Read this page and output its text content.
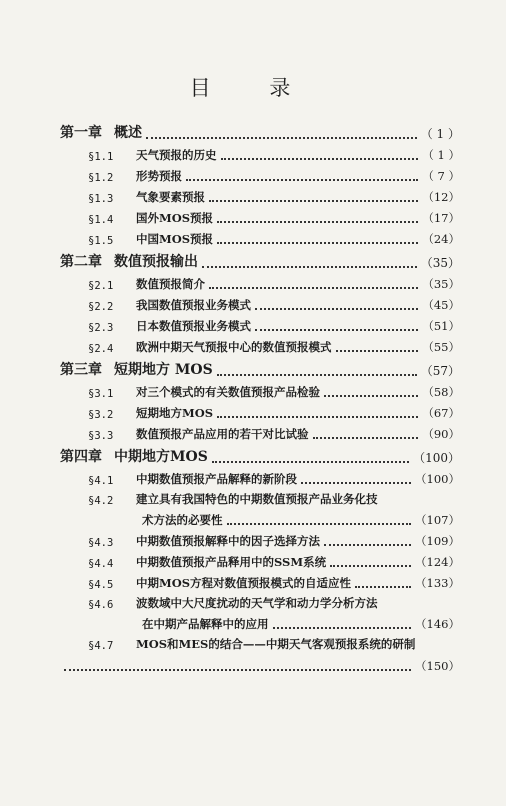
目 录
第一章 概述	（ 1 ）
§1.1	天气预报的历史	（ 1 ）
§1.2	形势预报	（ 7 ）
§1.3	气象要素预报	（12）
§1.4	国外MOS预报	（17）
§1.5	中国MOS预报	（24）
第二章 数值预报输出	（35）
§2.1	数值预报简介	（35）
§2.2	我国数值预报业务模式	（45）
§2.3	日本数值预报业务模式	（51）
§2.4	欧洲中期天气预报中心的数值预报模式	（55）
第三章 短期地方 MOS	（57）
§3.1	对三个模式的有关数值预报产品检验	（58）
§3.2	短期地方MOS	（67）
§3.3	数值预报产品应用的若干对比试验	（90）
第四章 中期地方MOS	（100）
§4.1	中期数值预报产品解释的新阶段	（100）
§4.2	建立具有我国特色的中期数值预报产品业务化技
术方法的必要性	（107）
§4.3	中期数值预报解释中的因子选择方法	（109）
§4.4	中期数值预报产品释用中的SSM系统	（124）
§4.5	中期MOS方程对数值预报模式的自适应性	（133）
§4.6	波数域中大尺度扰动的天气学和动力学分析方法
在中期产品解释中的应用	（146）
§4.7	MOS和MES的结合——中期天气客观预报系统的研制
（150）
